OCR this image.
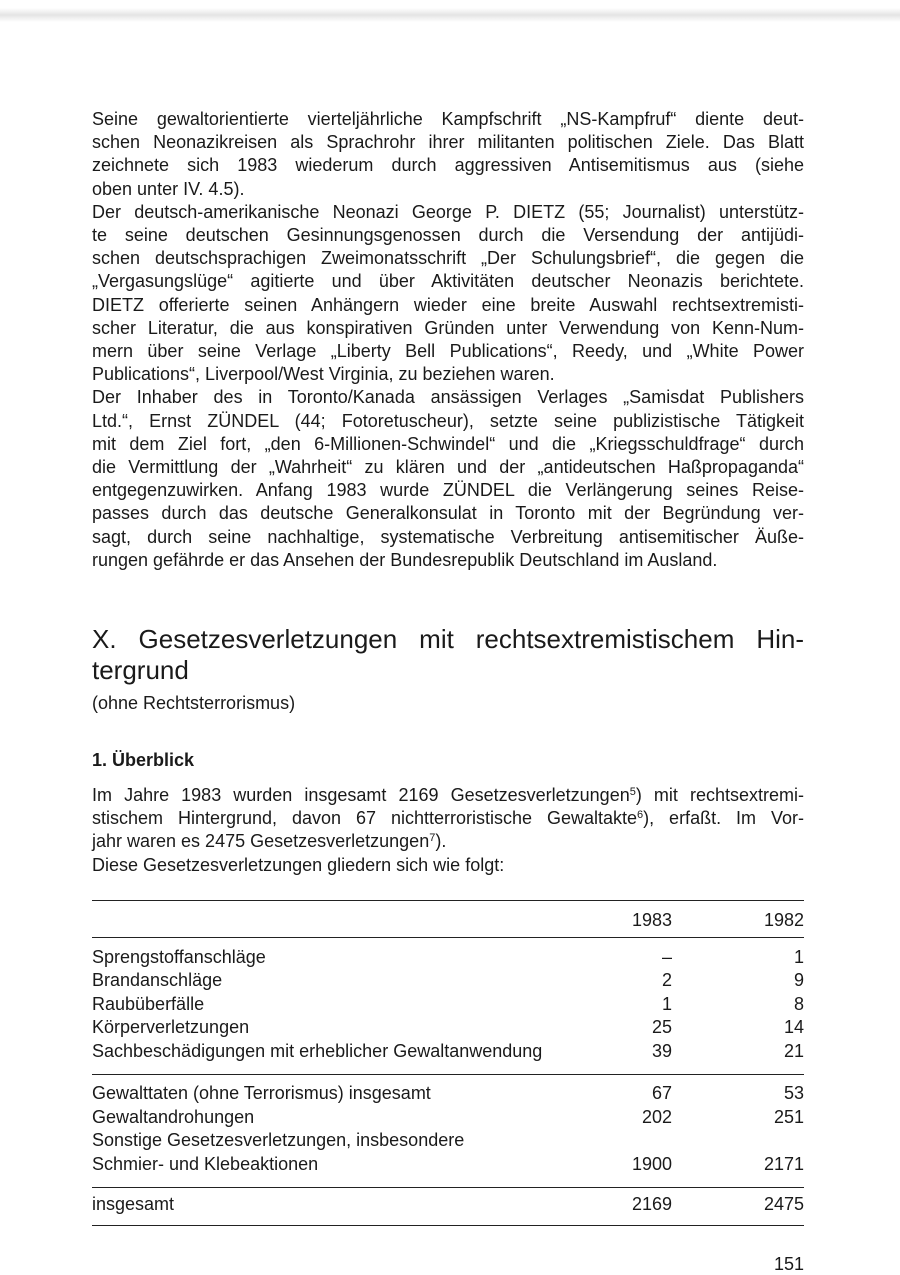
Seine gewaltorientierte vierteljährliche Kampfschrift „NS-Kampfruf“ diente deut-
schen Neonazikreisen als Sprachrohr ihrer militanten politischen Ziele. Das Blatt
zeichnete sich 1983 wiederum durch aggressiven Antisemitismus aus (siehe
oben unter IV. 4.5).

Der deutsch-amerikanische Neonazi George P. DIETZ (55; Journalist) unterstütz-
te seine deutschen Gesinnungsgenossen durch die Versendung der antijüdi-
schen deutschsprachigen Zweimonatsschrift „Der Schulungsbrief“, die gegen die
„Vergasungslüge“ agitierte und über Aktivitäten deutscher Neonazis berichtete.
DIETZ offerierte seinen Anhängern wieder eine breite Auswahl rechtsextremisti-
scher Literatur, die aus konspirativen Gründen unter Verwendung von Kenn-Num-
mern über seine Verlage „Liberty Bell Publications“, Reedy, und „White Power
Publications“, Liverpool/West Virginia, zu beziehen waren.

Der Inhaber des in Toronto/Kanada ansässigen Verlages „Samisdat Publishers
Ltd.“, Ernst ZÜNDEL (44; Fotoretuscheur), setzte seine publizistische Tätigkeit
mit dem Ziel fort, „den 6-Millionen-Schwindel“ und die „Kriegsschuldfrage“ durch
die Vermittlung der „Wahrheit“ zu klären und der „antideutschen Haßpropaganda“
entgegenzuwirken. Anfang 1983 wurde ZÜNDEL die Verlängerung seines Reise-
passes durch das deutsche Generalkonsulat in Toronto mit der Begründung ver-
sagt, durch seine nachhaltige, systematische Verbreitung antisemitischer Äuße-
rungen gefährde er das Ansehen der Bundesrepublik Deutschland im Ausland.

X. Gesetzesverletzungen mit rechtsextremistischem Hin-
tergrund
(ohne Rechtsterrorismus)
1. Überblick

Im Jahre 1983 wurden insgesamt 2169 Gesetzesverletzungen$^5$) mit rechtsextremi-
stischem Hintergrund, davon 67 nichtterroristische Gewaltakte$^6$), erfaßt. Im Vor-
jahr waren es 2475 Gesetzesverletzungen$^7$).
Diese Gesetzesverletzungen gliedern sich wie folgt:

1983	1982
Sprengstoffanschläge	–	1
Brandanschläge	2	9
Raubüberfälle	1	8
Körperverletzungen	25	14
Sachbeschädigungen mit erheblicher Gewaltanwendung	39	21
Gewalttaten (ohne Terrorismus) insgesamt	67	53
Gewaltandrohungen	202	251
Sonstige Gesetzesverletzungen, insbesondere
Schmier- und Klebeaktionen	1900	2171
insgesamt	2169	2475
151
